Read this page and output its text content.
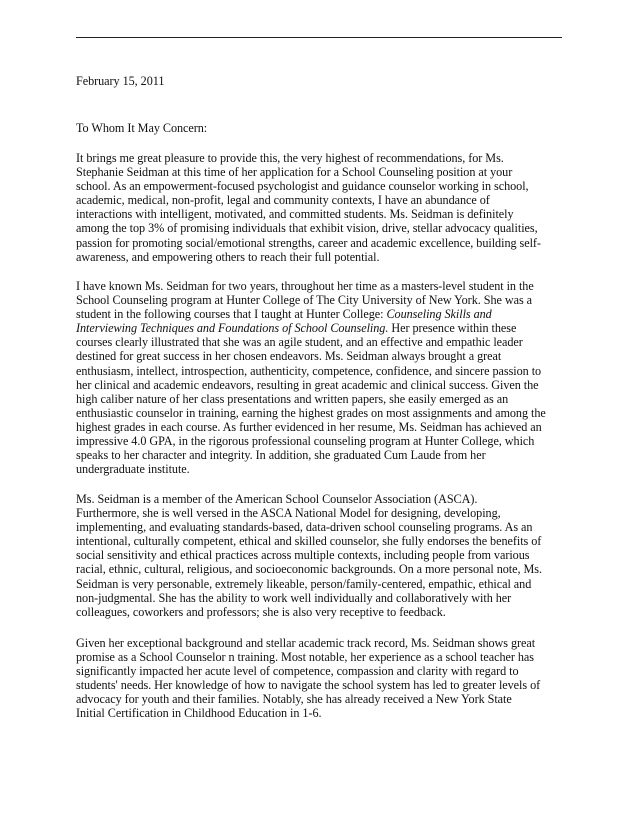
February 15, 2011
To Whom It May Concern:
It brings me great pleasure to provide this, the very highest of recommendations, for Ms.
Stephanie Seidman at this time of her application for a School Counseling position at your
school. As an empowerment-focused psychologist and guidance counselor working in school,
academic, medical, non-profit, legal and community contexts, I have an abundance of
interactions with intelligent, motivated, and committed students. Ms. Seidman is definitely
among the top 3% of promising individuals that exhibit vision, drive, stellar advocacy qualities,
passion for promoting social/emotional strengths, career and academic excellence, building self-
awareness, and empowering others to reach their full potential.
I have known Ms. Seidman for two years, throughout her time as a masters-level student in the
School Counseling program at Hunter College of The City University of New York. She was a
student in the following courses that I taught at Hunter College: Counseling Skills and
Interviewing Techniques and Foundations of School Counseling. Her presence within these
courses clearly illustrated that she was an agile student, and an effective and empathic leader
destined for great success in her chosen endeavors. Ms. Seidman always brought a great
enthusiasm, intellect, introspection, authenticity, competence, confidence, and sincere passion to
her clinical and academic endeavors, resulting in great academic and clinical success. Given the
high caliber nature of her class presentations and written papers, she easily emerged as an
enthusiastic counselor in training, earning the highest grades on most assignments and among the
highest grades in each course. As further evidenced in her resume, Ms. Seidman has achieved an
impressive 4.0 GPA, in the rigorous professional counseling program at Hunter College, which
speaks to her character and integrity. In addition, she graduated Cum Laude from her
undergraduate institute.
Ms. Seidman is a member of the American School Counselor Association (ASCA).
Furthermore, she is well versed in the ASCA National Model for designing, developing,
implementing, and evaluating standards-based, data-driven school counseling programs. As an
intentional, culturally competent, ethical and skilled counselor, she fully endorses the benefits of
social sensitivity and ethical practices across multiple contexts, including people from various
racial, ethnic, cultural, religious, and socioeconomic backgrounds. On a more personal note, Ms.
Seidman is very personable, extremely likeable, person/family-centered, empathic, ethical and
non-judgmental. She has the ability to work well individually and collaboratively with her
colleagues, coworkers and professors; she is also very receptive to feedback.
Given her exceptional background and stellar academic track record, Ms. Seidman shows great
promise as a School Counselor n training. Most notable, her experience as a school teacher has
significantly impacted her acute level of competence, compassion and clarity with regard to
students' needs. Her knowledge of how to navigate the school system has led to greater levels of
advocacy for youth and their families. Notably, she has already received a New York State
Initial Certification in Childhood Education in 1-6.
